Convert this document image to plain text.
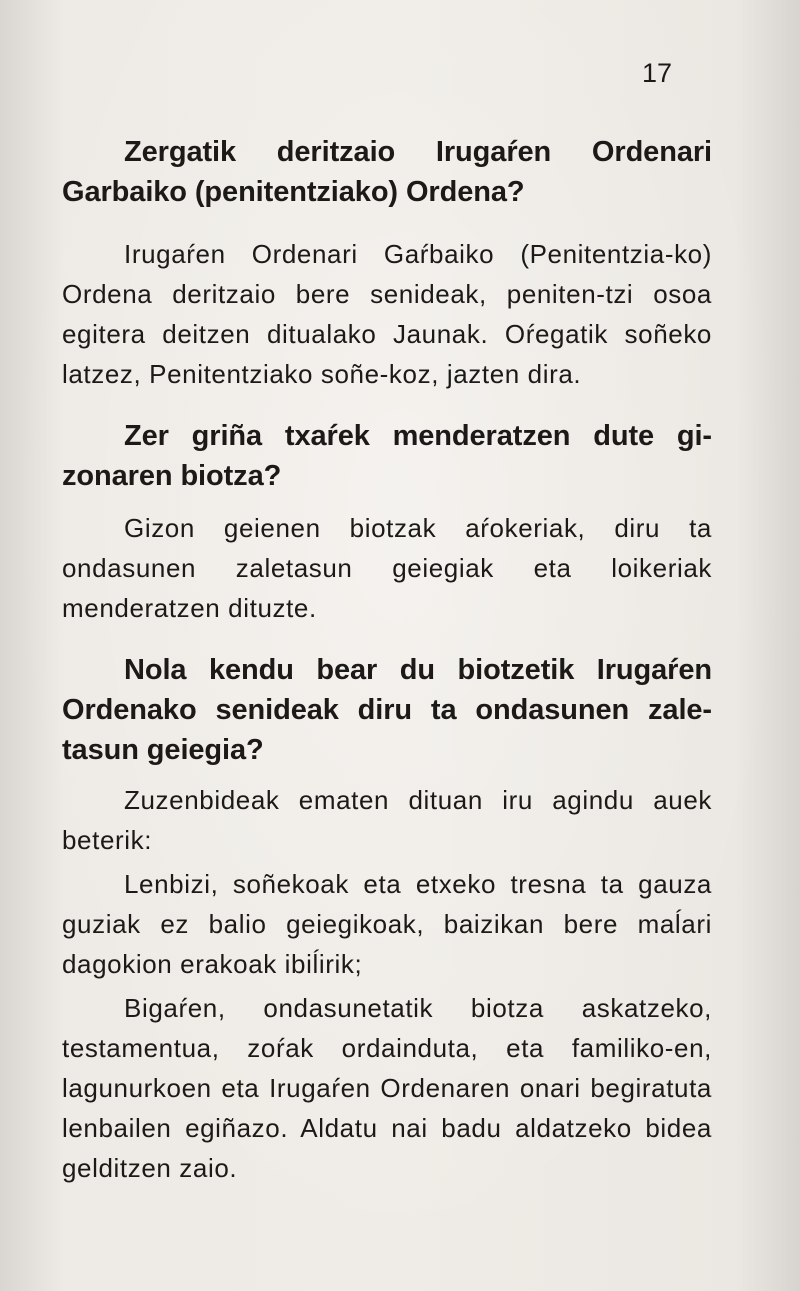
17

Zergatik deritzaio Irugaŕen Ordenari Garbaiko (penitentziako) Ordena?

Irugaŕen Ordenari Gaŕbaiko (Penitentzia-ko) Ordena deritzaio bere senideak, peniten-tzi osoa egitera deitzen ditualako Jaunak. Oŕegatik soñeko latzez, Penitentziako soñe-koz, jazten dira.

Zer griña txaŕek menderatzen dute gi-zonaren biotza?

Gizon geienen biotzak aŕokeriak, diru ta ondasunen zaletasun geiegiak eta loikeriak menderatzen dituzte.

Nola kendu bear du biotzetik Irugaŕen Ordenako senideak diru ta ondasunen zale-tasun geiegia?

Zuzenbideak ematen dituan iru agindu auek beterik:

Lenbizi, soñekoak eta etxeko tresna ta gauza guziak ez balio geiegikoak, baizikan bere maĺari dagokion erakoak ibiĺirik;

Bigaŕen, ondasunetatik biotza askatzeko, testamentua, zoŕak ordainduta, eta familiko-en, lagunurkoen eta Irugaŕen Ordenaren onari begiratuta lenbailen egiñazo. Aldatu nai badu aldatzeko bidea gelditzen zaio.
